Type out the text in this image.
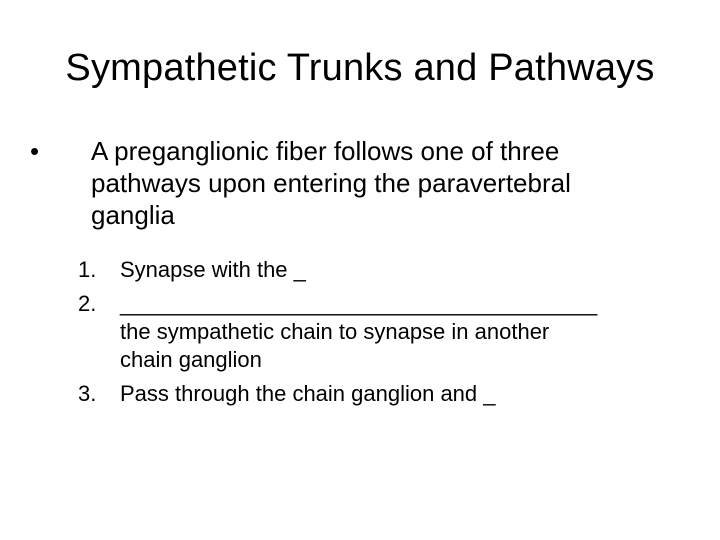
Sympathetic Trunks and Pathways
• A preganglionic fiber follows one of three pathways upon entering the paravertebral ganglia
1. Synapse with the _
2. _______________________________________
the sympathetic chain to synapse in another
chain ganglion
3. Pass through the chain ganglion and _
